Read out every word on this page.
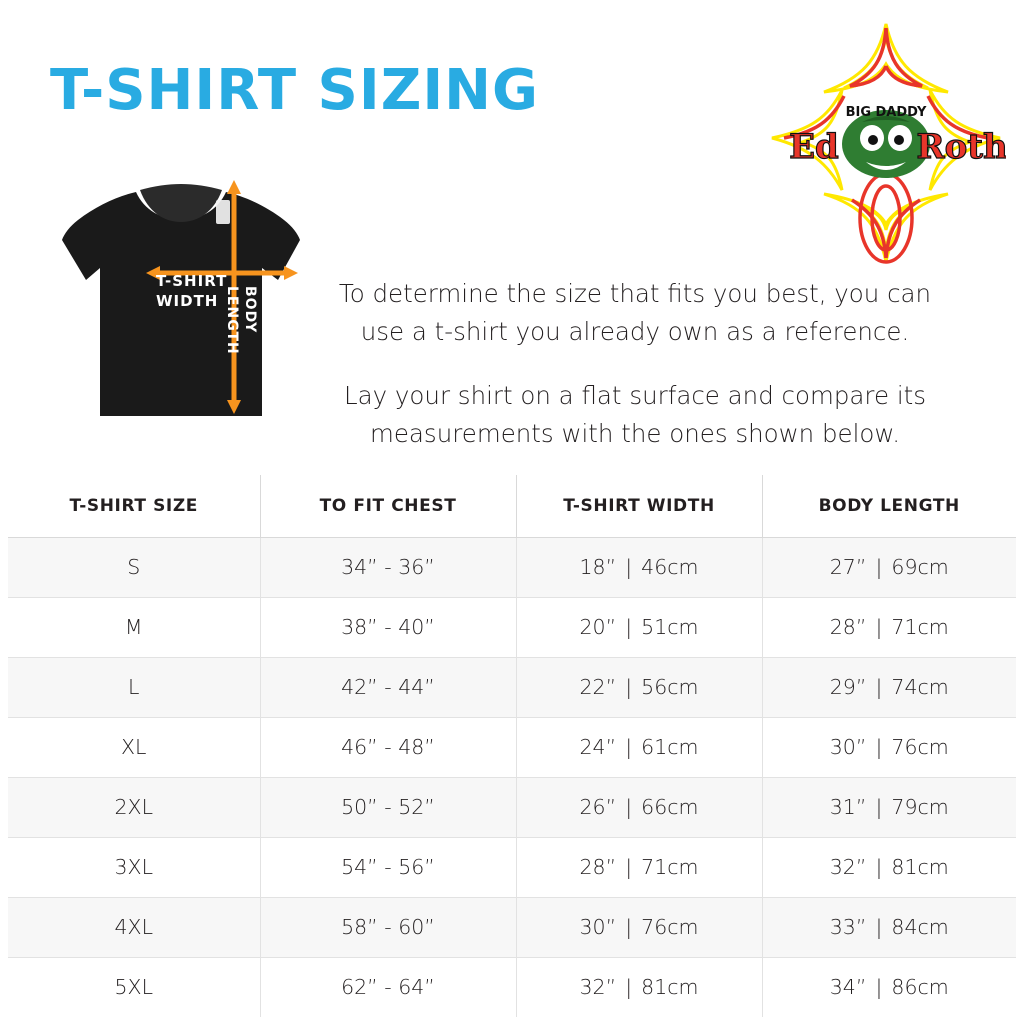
T-SHIRT SIZING	BIG DADDY
Ed Roth
T-SHIRT
WIDTH BODY
LENGTH	To determine the size that fits you best, you can use a t-shirt you already own as a reference.

Lay your shirt on a flat surface and compare its measurements with the ones shown below.

T-SHIRT SIZE	TO FIT CHEST	T-SHIRT WIDTH	BODY LENGTH
S	34” - 36”	18” | 46cm	27” | 69cm
M	38” - 40”	20” | 51cm	28” | 71cm
L	42” - 44”	22” | 56cm	29” | 74cm
XL	46” - 48”	24” | 61cm	30” | 76cm
2XL	50” - 52”	26” | 66cm	31” | 79cm
3XL	54” - 56”	28” | 71cm	32” | 81cm
4XL	58” - 60”	30” | 76cm	33” | 84cm
5XL	62” - 64”	32” | 81cm	34” | 86cm
